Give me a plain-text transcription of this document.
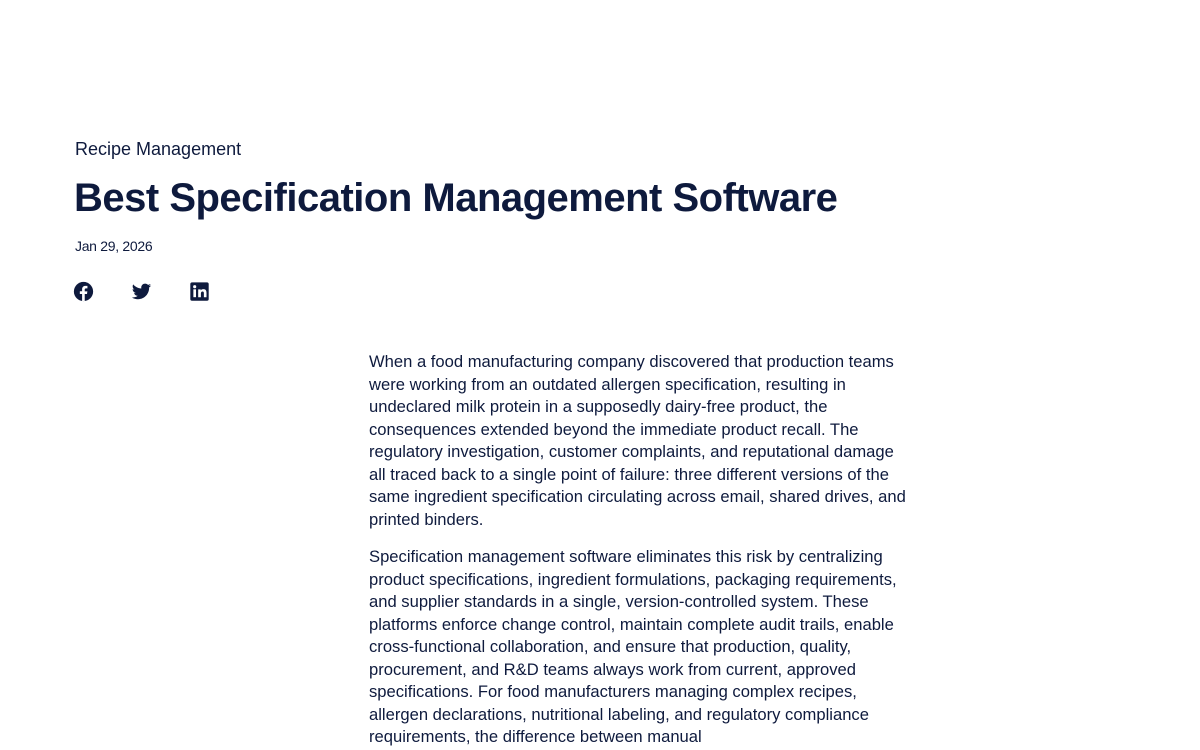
Recipe Management
Best Specification Management Software
Jan 29, 2026

When a food manufacturing company discovered that production teams were working from an outdated allergen specification, resulting in undeclared milk protein in a supposedly dairy-free product, the consequences extended beyond the immediate product recall. The regulatory investigation, customer complaints, and reputational damage all traced back to a single point of failure: three different versions of the same ingredient specification circulating across email, shared drives, and printed binders.

Specification management software eliminates this risk by centralizing product specifications, ingredient formulations, packaging requirements, and supplier standards in a single, version-controlled system. These platforms enforce change control, maintain complete audit trails, enable cross-functional collaboration, and ensure that production, quality, procurement, and R&D teams always work from current, approved specifications. For food manufacturers managing complex recipes, allergen declarations, nutritional labeling, and regulatory compliance requirements, the difference between manual
